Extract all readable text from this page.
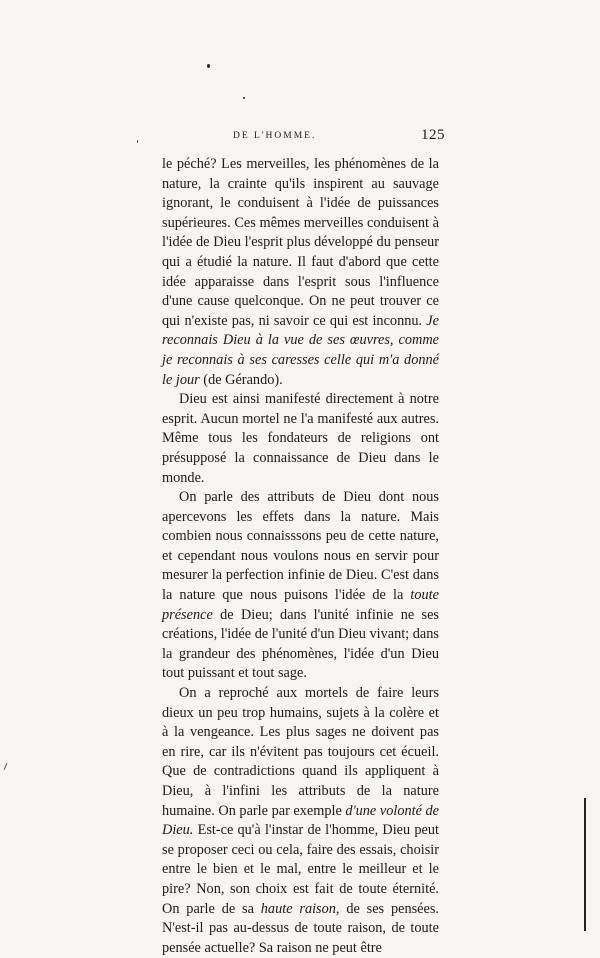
DE L'HOMME.	125

le péché? Les merveilles, les phénomènes de la nature, la crainte qu'ils inspirent au sauvage ignorant, le conduisent à l'idée de puissances supérieures. Ces mêmes merveilles conduisent à l'idée de Dieu l'esprit plus développé du penseur qui a étudié la nature. Il faut d'abord que cette idée apparaisse dans l'esprit sous l'influence d'une cause quelconque. On ne peut trouver ce qui n'existe pas, ni savoir ce qui est inconnu. Je reconnais Dieu à la vue de ses œuvres, comme je reconnais à ses caresses celle qui m'a donné le jour (de Gérando).

Dieu est ainsi manifesté directement à notre esprit. Aucun mortel ne l'a manifesté aux autres. Même tous les fondateurs de religions ont présupposé la connaissance de Dieu dans le monde.

On parle des attributs de Dieu dont nous apercevons les effets dans la nature. Mais combien nous connaisssons peu de cette nature, et cependant nous voulons nous en servir pour mesurer la perfection infinie de Dieu. C'est dans la nature que nous puisons l'idée de la toute présence de Dieu; dans l'unité infinie ne ses créations, l'idée de l'unité d'un Dieu vivant; dans la grandeur des phénomènes, l'idée d'un Dieu tout puissant et tout sage.

On a reproché aux mortels de faire leurs dieux un peu trop humains, sujets à la colère et à la vengeance. Les plus sages ne doivent pas en rire, car ils n'évitent pas toujours cet écueil. Que de contradictions quand ils appliquent à Dieu, à l'infini les attributs de la nature humaine. On parle par exemple d'une volonté de Dieu. Est-ce qu'à l'instar de l'homme, Dieu peut se proposer ceci ou cela, faire des essais, choisir entre le bien et le mal, entre le meilleur et le pire? Non, son choix est fait de toute éternité. On parle de sa haute raison, de ses pensées. N'est-il pas au-dessus de toute raison, de toute pensée actuelle? Sa raison ne peut être
